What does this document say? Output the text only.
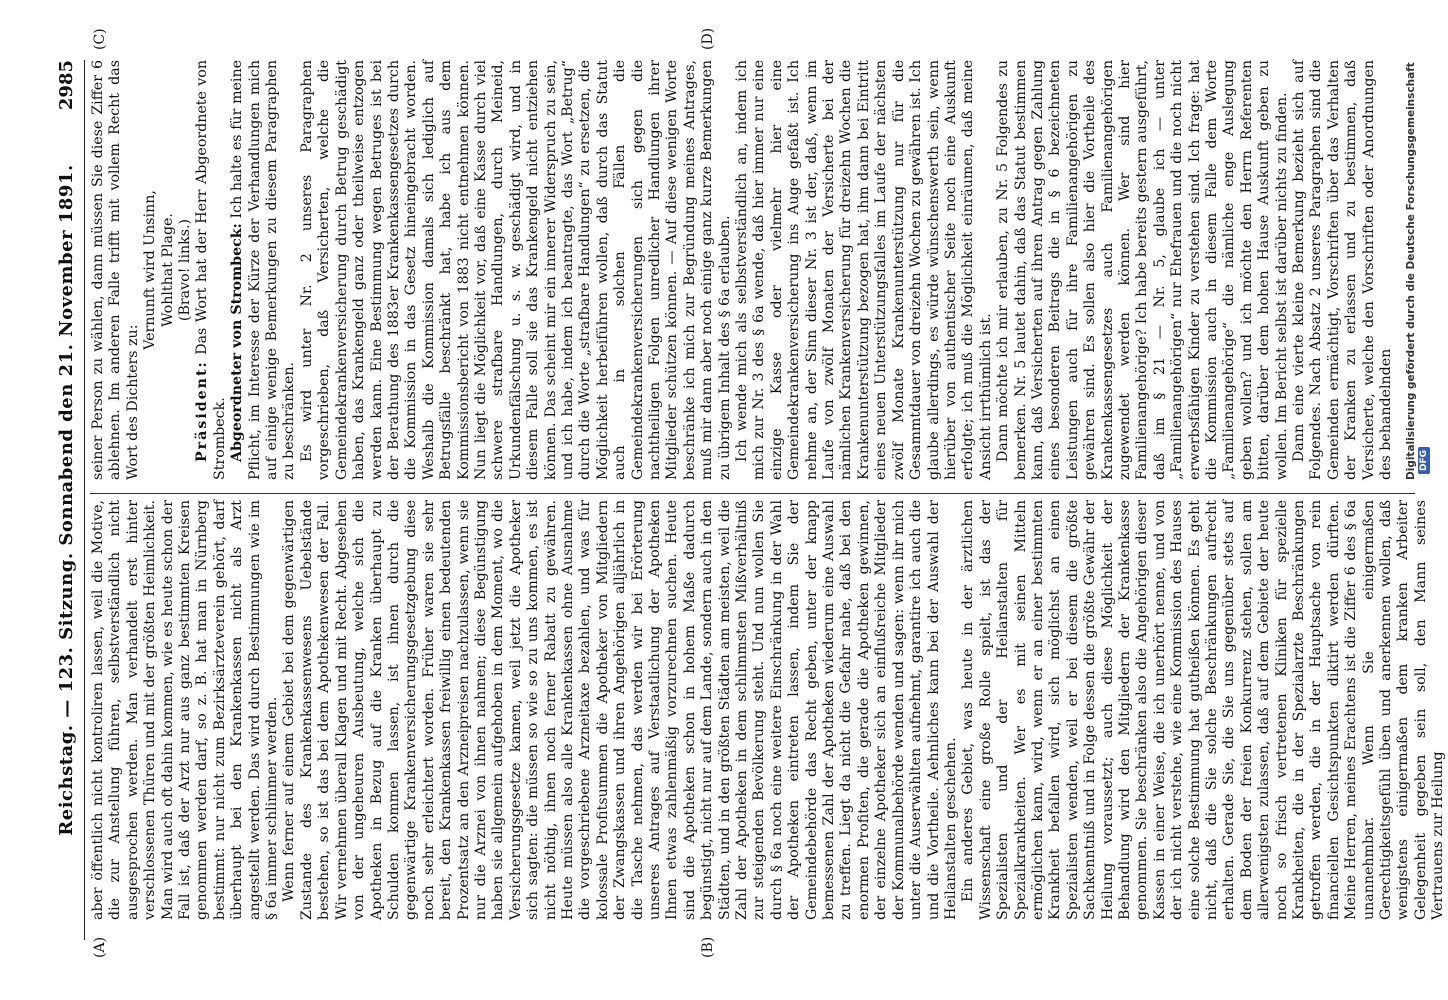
Reichstag. — 123. Sitzung. Sonnabend den 21. November 1891.
2985
(A)	(B)
(C)	(D)

aber öffentlich nicht kontroliren lassen, weil die Motive, die zur Anstellung führen, selbstverständlich nicht ausgesprochen werden. Man verhandelt erst hinter verschlossenen Thüren und mit der größten Heimlichkeit. Man wird auch oft dahin kommen, wie es heute schon der Fall ist, daß der Arzt nur aus ganz bestimmten Kreisen genommen werden darf, so z. B. hat man in Nürnberg bestimmt: nur nicht zum Bezirksärzteverein gehört, darf überhaupt bei den Krankenkassen nicht als Arzt angestellt werden. Das wird durch Bestimmungen wie im § 6a immer schlimmer werden. Wenn ferner auf einem Gebiet bei dem gegenwärtigen Zustande des Krankenkassenwesens Uebelstände bestehen, so ist das bei dem Apothekenwesen der Fall. Wir vernehmen überall Klagen und mit Recht. Abgesehen von der ungeheuren Ausbeutung, welche sich die Apotheken in Bezug auf die Kranken überhaupt zu Schulden kommen lassen, ist ihnen durch die gegenwärtige Krankenversicherungsgesetzgebung diese noch sehr erleichtert worden. Früher waren sie sehr bereit, den Krankenkassen freiwillig einen bedeutenden Prozentsatz an den Arzneipreisen nachzulassen, wenn sie nur die Arznei von ihnen nahmen; diese Begünstigung haben sie allgemein aufgehoben in dem Moment, wo die Versicherungsgesetze kamen, weil jetzt die Apotheker sich sagten: die müssen so wie so zu uns kommen, es ist nicht nöthig, ihnen noch ferner Rabatt zu gewähren. Heute müssen also alle Krankenkassen ohne Ausnahme die vorgeschriebene Arzneitaxe bezahlen, und was für kolossale Profitsummen die Apotheker von Mitgliedern der Zwangskassen und ihren Angehörigen alljährlich in die Tasche nehmen, das werden wir bei Erörterung unseres Antrages auf Verstaatlichung der Apotheken Ihnen etwas zahlenmäßig vorzurechnen suchen. Heute sind die Apotheken schon in hohem Maße dadurch begünstigt, nicht nur auf dem Lande, sondern auch in den Städten, und in den größten Städten am meisten, weil die Zahl der Apotheken in dem schlimmsten Mißverhältniß zur steigenden Bevölkerung steht. Und nun wollen Sie durch § 6a noch eine weitere Einschränkung in der Wahl der Apotheken eintreten lassen, indem Sie der Gemeindebehörde das Recht geben, unter der knapp bemessenen Zahl der Apotheken wiederum eine Auswahl zu treffen. Liegt da nicht die Gefahr nahe, daß bei den enormen Profiten, die gerade die Apotheken gewinnen, der einzelne Apotheker sich an einflußreiche Mitglieder der Kommunalbehörde wenden und sagen: wenn ihr mich unter die Auserwählten aufnehmt, garantire ich auch die und die Vortheile. Aehnliches kann bei der Auswahl der Heilanstalten geschehen. Ein anderes Gebiet, was heute in der ärztlichen Wissenschaft eine große Rolle spielt, ist das der Spezialisten und der Heilanstalten für Spezialkrankheiten. Wer es mit seinen Mitteln ermöglichen kann, wird, wenn er an einer bestimmten Krankheit befallen wird, sich möglichst an einen Spezialisten wenden, weil er bei diesem die größte Sachkenntniß und in Folge dessen die größte Gewähr der Heilung voraussetzt; auch diese Möglichkeit der Behandlung wird den Mitgliedern der Krankenkasse genommen. Sie beschränken also die Angehörigen dieser Kassen in einer Weise, die ich unerhört nenne, und von der ich nicht verstehe, wie eine Kommission des Hauses eine solche Bestimmung hat gutheißen können. Es geht nicht, daß die Sie solche Beschränkungen aufrecht erhalten. Gerade Sie, die Sie uns gegenüber stets auf dem Boden der freien Konkurrenz stehen, sollen am allerwenigsten zulassen, daß auf dem Gebiete der heute noch so frisch vertretenen Kliniken für spezielle Krankheiten, die in der Spezialarzte Beschränkungen getroffen werden, die in der Hauptsache von rein financiellen Gesichtspunkten diktirt werden dürften. Meine Herren, meines Erachtens ist die Ziffer 6 des § 6a unannehmbar. Wenn Sie einigermaßen Gerechtigkeitsgefühl üben und anerkennen wollen, daß wenigstens einigermaßen dem kranken Arbeiter Gelegenheit gegeben sein soll, den Mann seines Vertrauens zur Heilung

seiner Person zu wählen, dann müssen Sie diese Ziffer 6 ablehnen. Im anderen Falle trifft mit vollem Recht das Wort des Dichters zu:

Vernunft wird Unsinn, Wohlthat Plage. (Bravo! links.)

Präsident: Das Wort hat der Herr Abgeordnete von Strombeck. Abgeordneter von Strombeck: Ich halte es für meine Pflicht, im Interesse der Kürze der Verhandlungen mich auf einige wenige Bemerkungen zu diesem Paragraphen zu beschränken. Es wird unter Nr. 2 unseres Paragraphen vorgeschrieben, daß Versicherten, welche die Gemeindekrankenversicherung durch Betrug geschädigt haben, das Krankengeld ganz oder theilweise entzogen werden kann. Eine Bestimmung wegen Betruges ist bei der Berathung des 1883er Krankenkassengesetzes durch die Kommission in das Gesetz hineingebracht worden. Weshalb die Kommission damals sich lediglich auf Betrugsfälle beschränkt hat, habe ich aus dem Kommissionsbericht von 1883 nicht entnehmen können. Nun liegt die Möglichkeit vor, daß eine Kasse durch viel schwere strafbare Handlungen, durch Meineid, Urkundenfälschung u. s. w. geschädigt wird, und in diesem Falle soll sie das Krankengeld nicht entziehen können. Das scheint mir ein innerer Widerspruch zu sein, und ich habe, indem ich beantragte, das Wort „Betrug“ durch die Worte „strafbare Handlungen“ zu ersetzen, die Möglichkeit herbeiführen wollen, daß durch das Statut auch in solchen Fällen die Gemeindekrankenversicherungen sich gegen die nachtheiligen Folgen unredlicher Handlungen ihrer Mitglieder schützen können. — Auf diese wenigen Worte beschränke ich mich zur Begründung meines Antrages, muß mir dann aber noch einige ganz kurze Bemerkungen zu übrigem Inhalt des § 6a erlauben. Ich wende mich als selbstverständlich an, indem ich mich zur Nr. 3 des § 6a wende, daß hier immer nur eine einzige Kasse oder vielmehr hier eine Gemeindekrankenversicherung ins Auge gefaßt ist. Ich nehme an, der Sinn dieser Nr. 3 ist der, daß, wenn im Laufe von zwölf Monaten der Versicherte bei der nämlichen Krankenversicherung für dreizehn Wochen die Krankenunterstützung bezogen hat, ihm dann bei Eintritt eines neuen Unterstützungsfalles im Laufe der nächsten zwölf Monate Krankenunterstützung nur für die Gesammtdauer von dreizehn Wochen zu gewähren ist. Ich glaube allerdings, es würde wünschenswerth sein, wenn hierüber von authentischer Seite noch eine Auskunft erfolgte; ich muß die Möglichkeit einräumen, daß meine Ansicht irrthümlich ist. Dann möchte ich mir erlauben, zu Nr. 5 Folgendes zu bemerken. Nr. 5 lautet dahin, daß das Statut bestimmen kann, daß Versicherten auf ihren Antrag gegen Zahlung eines besonderen Beitrags die in § 6 bezeichneten Leistungen auch für ihre Familienangehörigen zu gewähren sind. Es sollen also hier die Vortheile des Krankenkassengesetzes auch Familienangehörigen zugewendet werden können. Wer sind hier Familienangehörige? Ich habe bereits gestern ausgeführt, daß im § 21 — Nr. 5, glaube ich — unter „Familienangehörigen“ nur Ehefrauen und die noch nicht erwerbsfähigen Kinder zu verstehen sind. Ich frage: hat die Kommission auch in diesem Falle dem Worte „Familienangehörige“ die nämliche enge Auslegung geben wollen? und ich möchte den Herrn Referenten bitten, darüber dem hohen Hause Auskunft geben zu wollen. Im Bericht selbst ist darüber nichts zu finden. Dann eine vierte kleine Bemerkung bezieht sich auf Folgendes. Nach Absatz 2 unseres Paragraphen sind die Gemeinden ermächtigt, Vorschriften über das Verhalten der Kranken zu erlassen und zu bestimmen, daß Versicherte, welche den Vorschriften oder Anordnungen des behandelnden Digitalisierung gefördert durch die Deutsche Forschungsgemeinschaft DFG
